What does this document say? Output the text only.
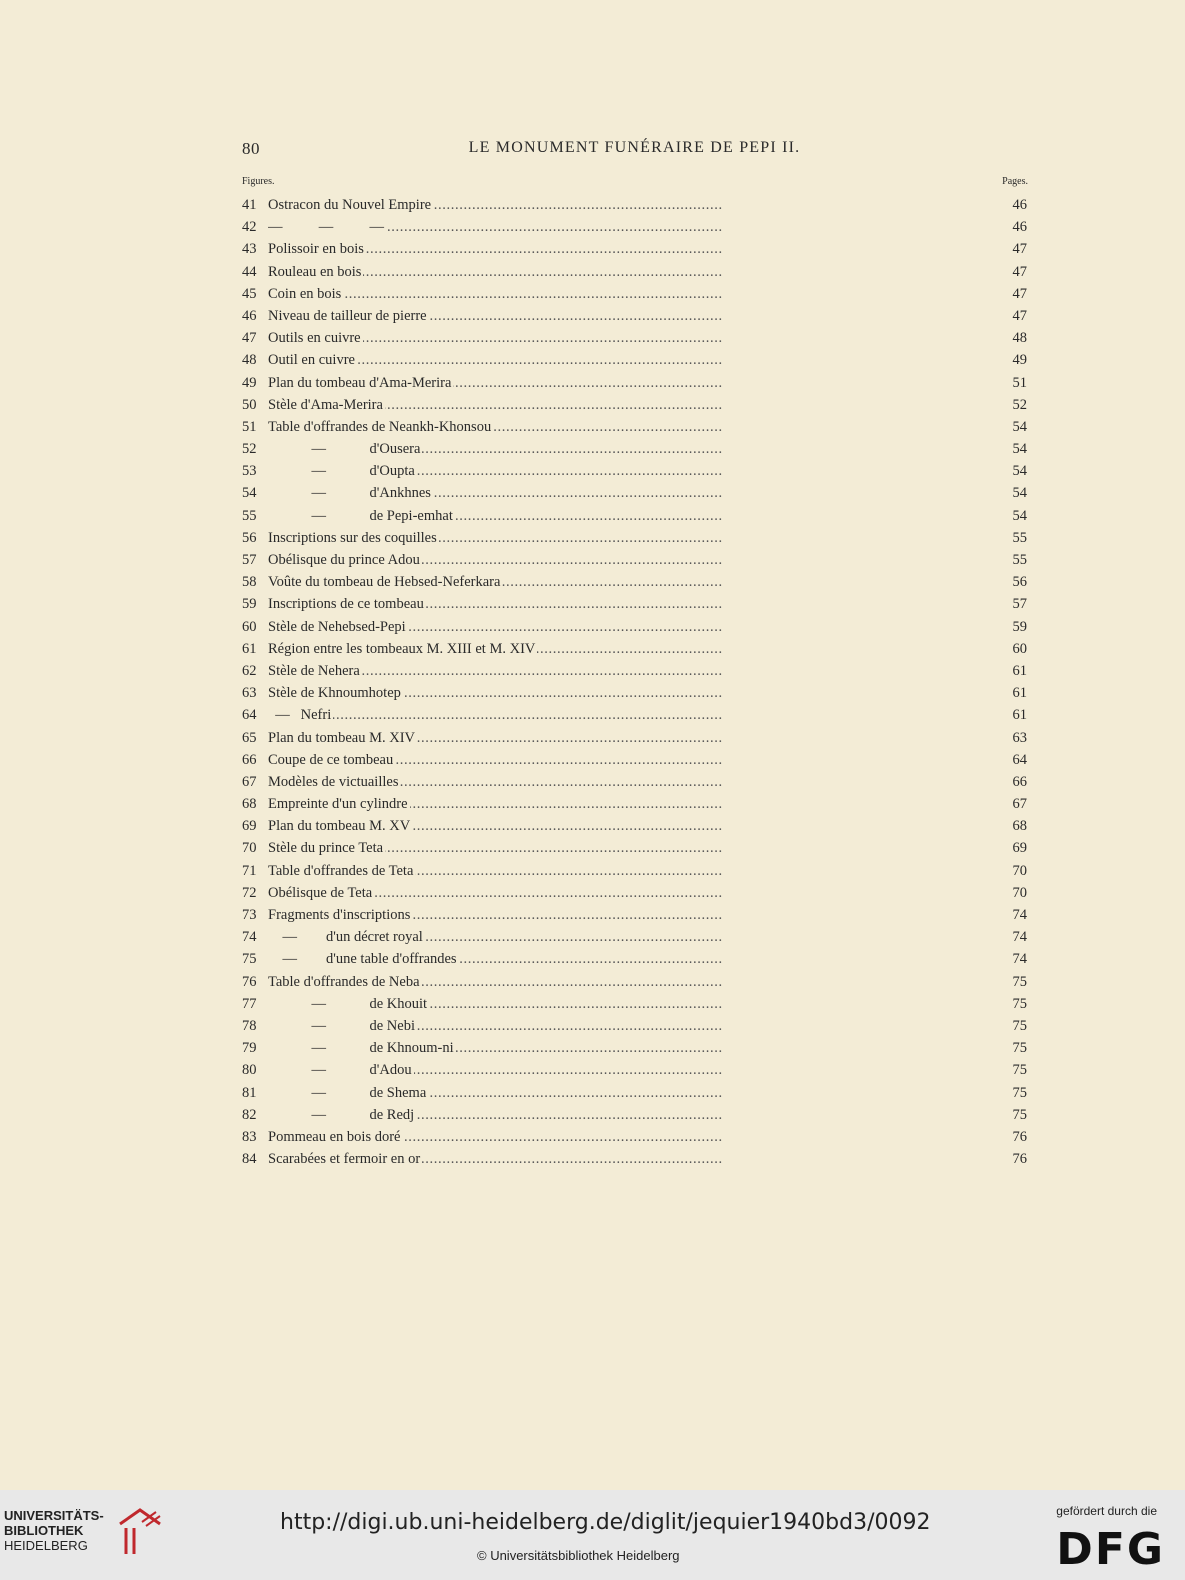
80	LE MONUMENT FUNÉRAIRE DE PEPI II.
Figures.	Pages.
41 Ostracon du Nouvel Empire . . .	46
42 —          —          — . . .	46
43 Polissoir en bois . . .	47
44 Rouleau en bois . . .	47
45 Coin en bois . . .	47
46 Niveau de tailleur de pierre . . .	47
47 Outils en cuivre . . .	48
48 Outil en cuivre . . .	49
49 Plan du tombeau d'Ama-Merira . . .	51
50 Stèle d'Ama-Merira . . .	52
51 Table d'offrandes de Neankh-Khonsou . . .	54
52 —            d'Ousera . . .	54
53 —            d'Oupta . . .	54
54 —            d'Ankhnes . . .	54
55 —            de Pepi-emhat . . .	54
56 Inscriptions sur des coquilles . . .	55
57 Obélisque du prince Adou . . .	55
58 Voûte du tombeau de Hebsed-Neferkara . . .	56
59 Inscriptions de ce tombeau . . .	57
60 Stèle de Nehebsed-Pepi . . .	59
61 Région entre les tombeaux M. XIII et M. XIV . . .	60
62 Stèle de Nehera . . .	61
63 Stèle de Khnoumhotep . . .	61
64 —   Nefri . . .	61
65 Plan du tombeau M. XIV . . .	63
66 Coupe de ce tombeau . . .	64
67 Modèles de victuailles . . .	66
68 Empreinte d'un cylindre . . .	67
69 Plan du tombeau M. XV . . .	68
70 Stèle du prince Teta . . .	69
71 Table d'offrandes de Teta . . .	70
72 Obélisque de Teta . . .	70
73 Fragments d'inscriptions . . .	74
74 —        d'un décret royal . . .	74
75 —        d'une table d'offrandes . . .	74
76 Table d'offrandes de Neba . . .	75
77 —            de Khouit . . .	75
78 —            de Nebi . . .	75
79 —            de Khnoum-ni . . .	75
80 —            d'Adou . . .	75
81 —            de Shema . . .	75
82 —            de Redj . . .	75
83 Pommeau en bois doré . . .	76
84 Scarabées et fermoir en or . . .	76
UNIVERSITÄTS-
BIBLIOTHEK
HEIDELBERG
http://digi.ub.uni-heidelberg.de/diglit/jequier1940bd3/0092
© Universitätsbibliothek Heidelberg
gefördert durch die
DFG
